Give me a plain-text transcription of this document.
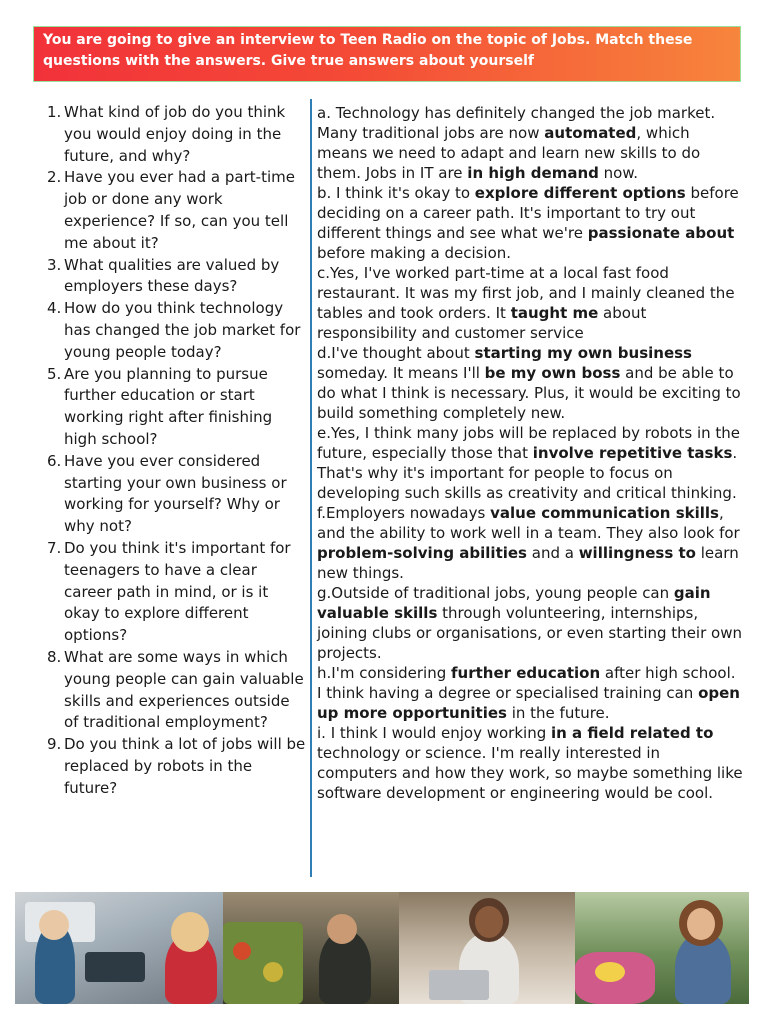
You are going to give an interview to Teen Radio on the topic of Jobs. Match these questions with the answers. Give true answers about yourself
1. What kind of job do you think you would enjoy doing in the future, and why?
2. Have you ever had a part-time job or done any work experience? If so, can you tell me about it?
3. What qualities are valued by employers these days?
4. How do you think technology has changed the job market for young people today?
5. Are you planning to pursue further education or start working right after finishing high school?
6. Have you ever considered starting your own business or working for yourself? Why or why not?
7. Do you think it's important for teenagers to have a clear career path in mind, or is it okay to explore different options?
8. What are some ways in which young people can gain valuable skills and experiences outside of traditional employment?
9. Do you think a lot of jobs will be replaced by robots in the future?

a. Technology has definitely changed the job market. Many traditional jobs are now automated, which means we need to adapt and learn new skills to do them. Jobs in IT are in high demand now.

b. I think it's okay to explore different options before deciding on a career path. It's important to try out different things and see what we're passionate about before making a decision.

c.Yes, I've worked part-time at a local fast food restaurant. It was my first job, and I mainly cleaned the tables and took orders. It taught me about responsibility and customer service

d.I've thought about starting my own business someday. It means I'll be my own boss and be able to do what I think is necessary. Plus, it would be exciting to build something completely new.

e.Yes, I think many jobs will be replaced by robots in the future, especially those that involve repetitive tasks. That's why it's important for people to focus on developing such skills as creativity and critical thinking.

f.Employers nowadays value communication skills, and the ability to work well in a team. They also look for problem-solving abilities and a willingness to learn new things.

g.Outside of traditional jobs, young people can gain valuable skills through volunteering, internships, joining clubs or organisations, or even starting their own projects.

h.I'm considering further education after high school. I think having a degree or specialised training can open up more opportunities in the future.

i. I think I would enjoy working in a field related to technology or science. I'm really interested in computers and how they work, so maybe something like software development or engineering would be cool.
